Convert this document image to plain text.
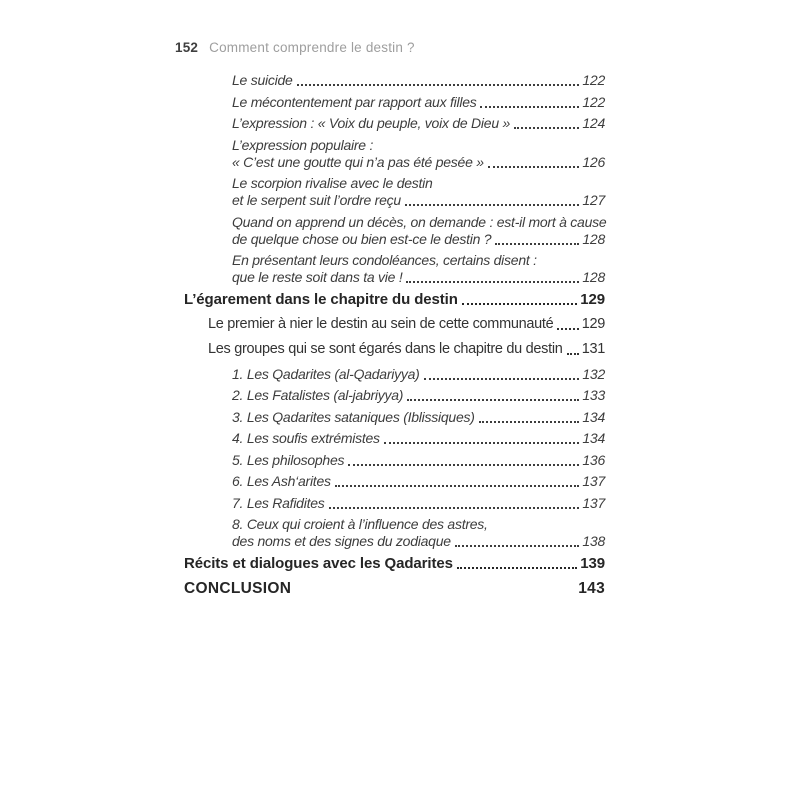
152 Comment comprendre le destin ?
Le suicide	122
Le mécontentement par rapport aux filles	122
L’expression : « Voix du peuple, voix de Dieu »	124
L’expression populaire :
« C’est une goutte qui n’a pas été pesée »	126
Le scorpion rivalise avec le destin
et le serpent suit l’ordre reçu	127
Quand on apprend un décès, on demande : est-il mort à cause
de quelque chose ou bien est-ce le destin ?	128
En présentant leurs condoléances, certains disent :
que le reste soit dans ta vie !	128
L’égarement dans le chapitre du destin	129
Le premier à nier le destin au sein de cette communauté 129
Les groupes qui se sont égarés dans le chapitre du destin 131
1. Les Qadarites (al-Qadariyya)	132
2. Les Fatalistes (al-jabriyya)	133
3. Les Qadarites sataniques (Iblissiques)	134
4. Les soufis extrémistes	134
5. Les philosophes	136
6. Les Ash‘arites	137
7. Les Rafidites	137
8. Ceux qui croient à l’influence des astres,
des noms et des signes du zodiaque	138
Récits et dialogues avec les Qadarites	139
CONCLUSION	143
